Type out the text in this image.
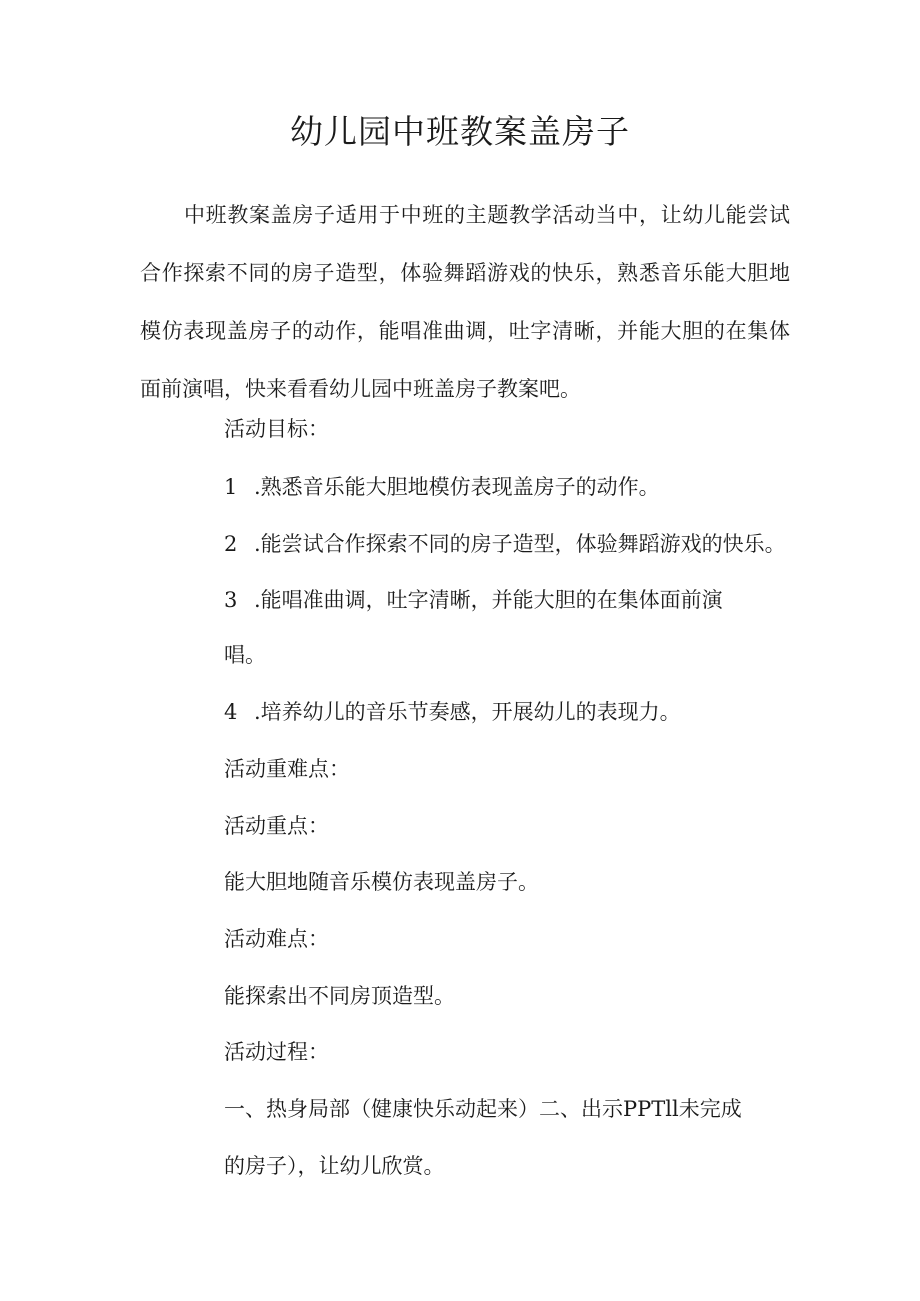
幼儿园中班教案盖房子
中班教案盖房子适用于中班的主题教学活动当中，让幼儿能尝试合作探索不同的房子造型，体验舞蹈游戏的快乐，熟悉音乐能大胆地模仿表现盖房子的动作，能唱准曲调，吐字清晰，并能大胆的在集体面前演唱，快来看看幼儿园中班盖房子教案吧。
活动目标：
1 .熟悉音乐能大胆地模仿表现盖房子的动作。
2 .能尝试合作探索不同的房子造型，体验舞蹈游戏的快乐。
3 .能唱准曲调，吐字清晰，并能大胆的在集体面前演
唱。
4 .培养幼儿的音乐节奏感，开展幼儿的表现力。
活动重难点：
活动重点：
能大胆地随音乐模仿表现盖房子。
活动难点：
能探索出不同房顶造型。
活动过程：
一、热身局部（健康快乐动起来）二、出示PPTll未完成
的房子），让幼儿欣赏。
